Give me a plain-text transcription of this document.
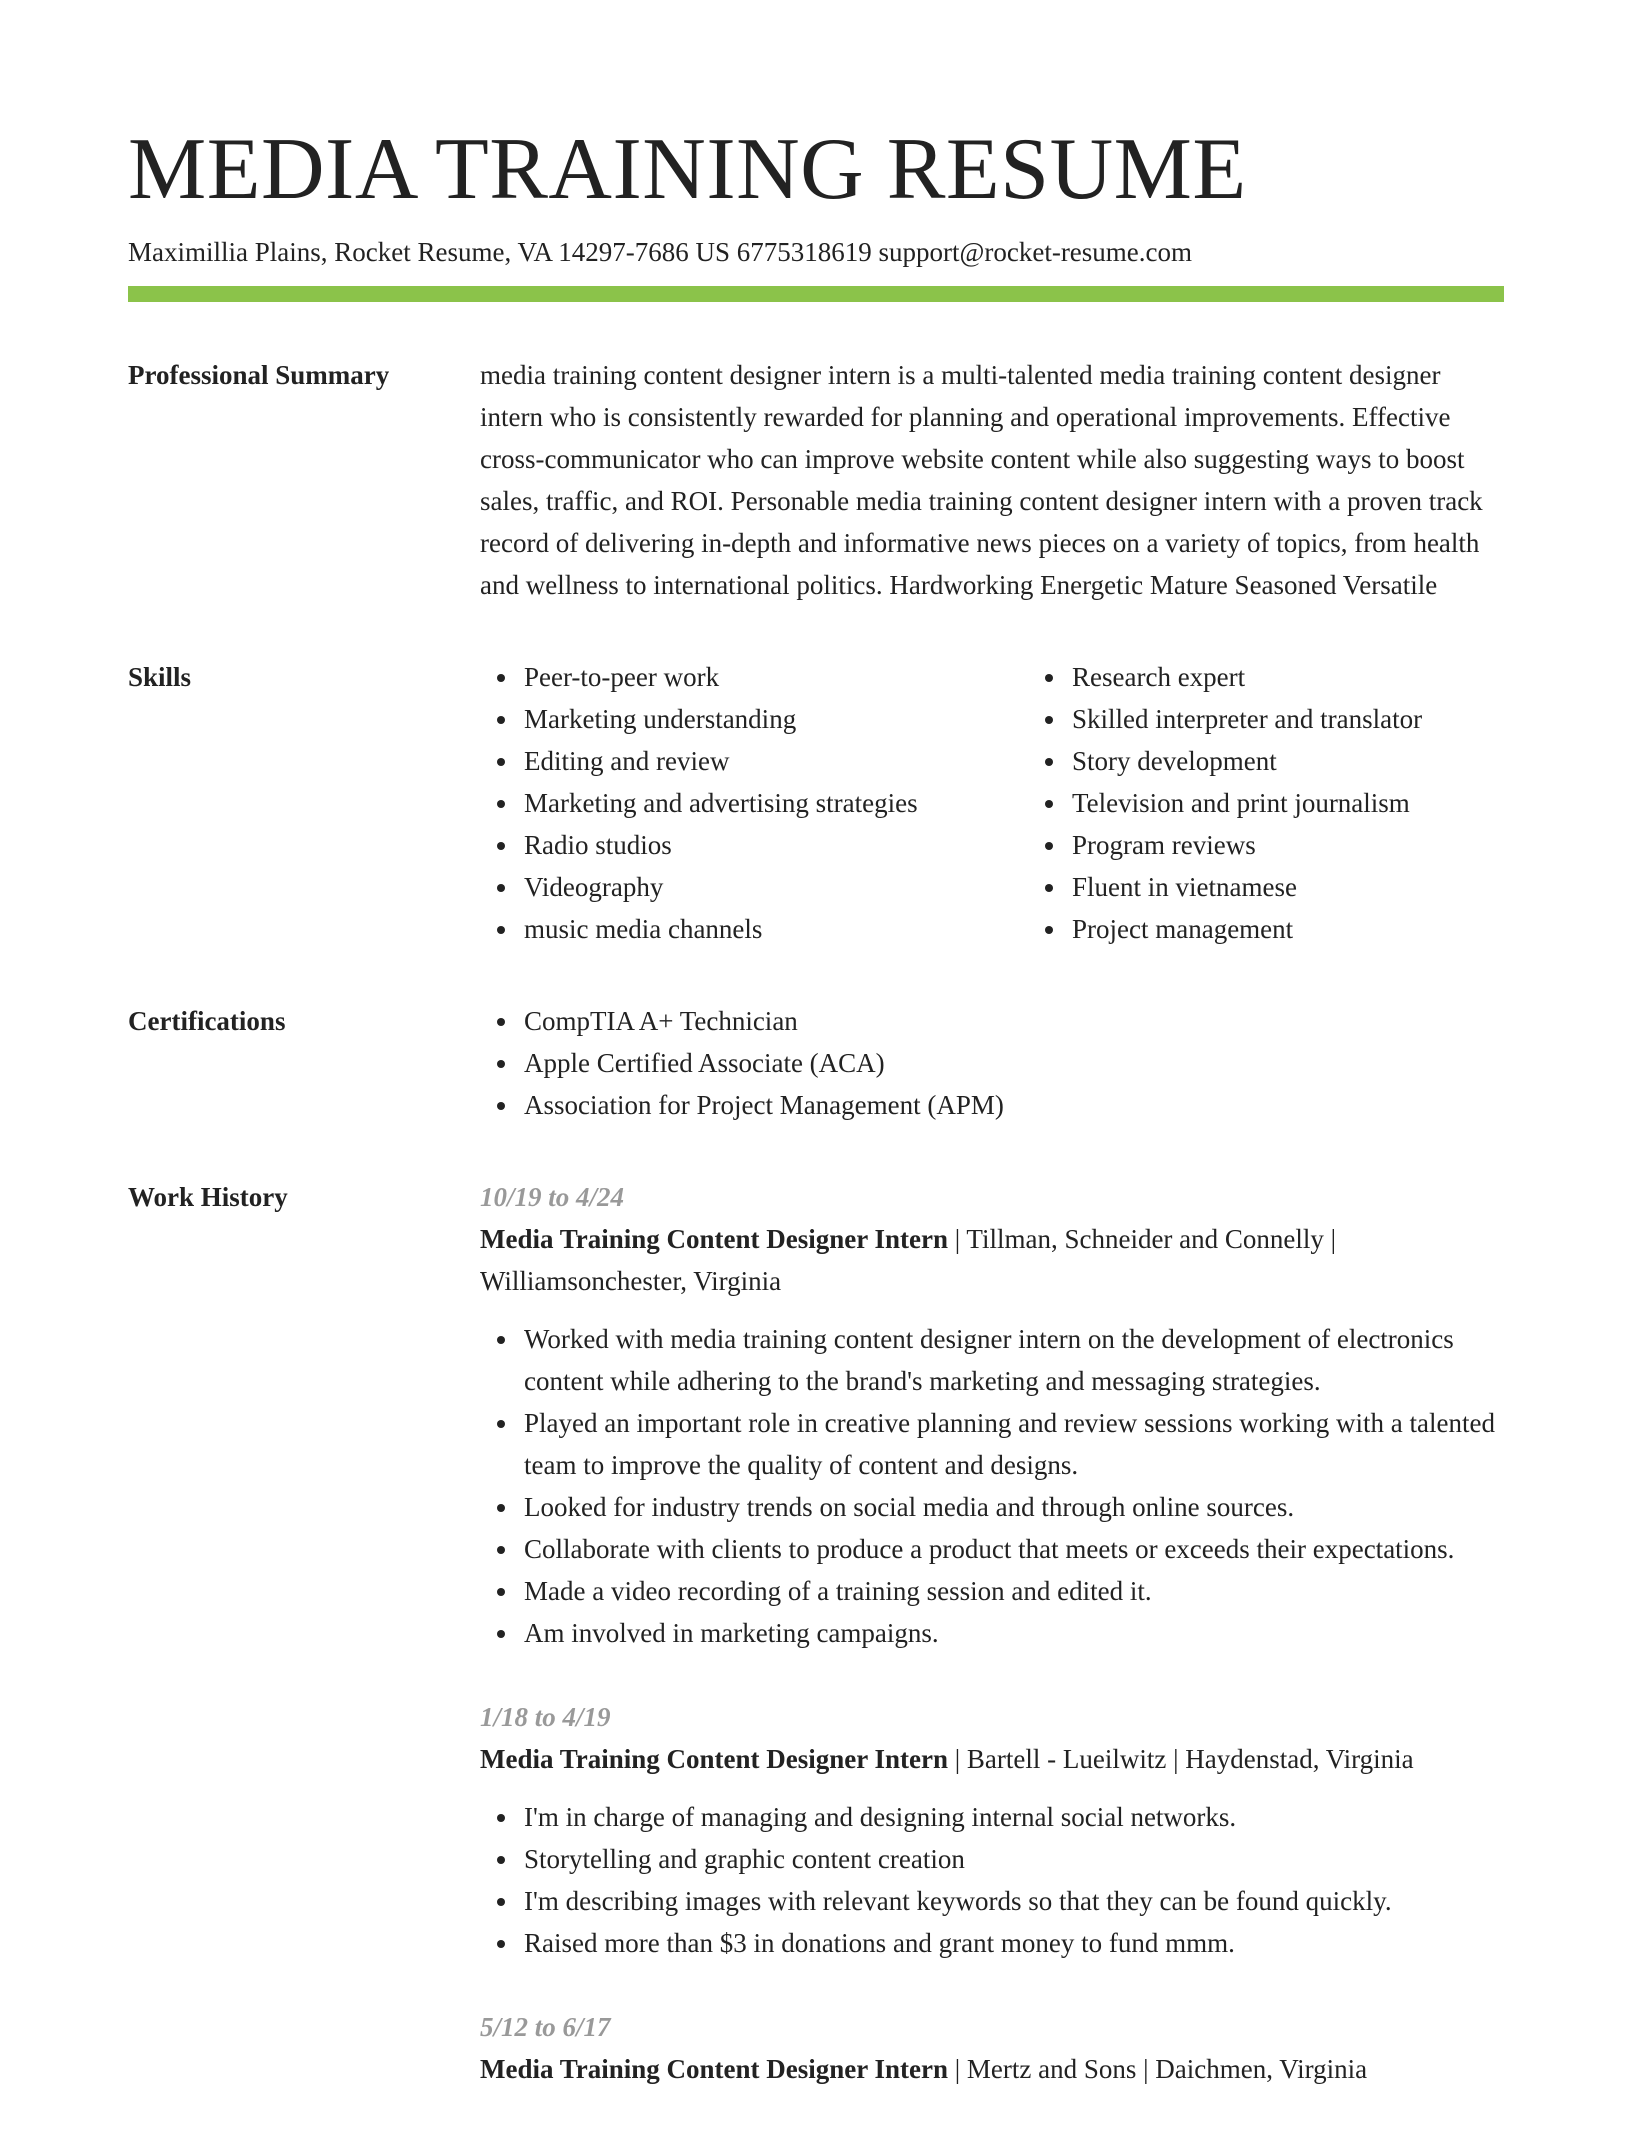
MEDIA TRAINING RESUME
Maximillia Plains, Rocket Resume, VA 14297-7686 US 6775318619 support@rocket-resume.com
Professional Summary	media training content designer intern is a multi-talented media training content designer intern who is consistently rewarded for planning and operational improvements. Effective cross-communicator who can improve website content while also suggesting ways to boost sales, traffic, and ROI. Personable media training content designer intern with a proven track record of delivering in-depth and informative news pieces on a variety of topics, from health and wellness to international politics. Hardworking Energetic Mature Seasoned Versatile

Skills	Peer-to-peer work
Marketing understanding
Editing and review
Marketing and advertising strategies
Radio studios
Videography
music media channels
Research expert
Skilled interpreter and translator
Story development
Television and print journalism
Program reviews
Fluent in vietnamese
Project management
Certifications	CompTIA A+ Technician
Apple Certified Associate (ACA)
Association for Project Management (APM)
Work History	10/19 to 4/24
Media Training Content Designer Intern | Tillman, Schneider and Connelly | Williamsonchester, Virginia
Worked with media training content designer intern on the development of electronics content while adhering to the brand's marketing and messaging strategies.
Played an important role in creative planning and review sessions working with a talented team to improve the quality of content and designs.
Looked for industry trends on social media and through online sources.
Collaborate with clients to produce a product that meets or exceeds their expectations.
Made a video recording of a training session and edited it.
Am involved in marketing campaigns.
1/18 to 4/19
Media Training Content Designer Intern | Bartell - Lueilwitz | Haydenstad, Virginia
I'm in charge of managing and designing internal social networks.
Storytelling and graphic content creation
I'm describing images with relevant keywords so that they can be found quickly.
Raised more than $3 in donations and grant money to fund mmm.
5/12 to 6/17
Media Training Content Designer Intern | Mertz and Sons | Daichmen, Virginia
